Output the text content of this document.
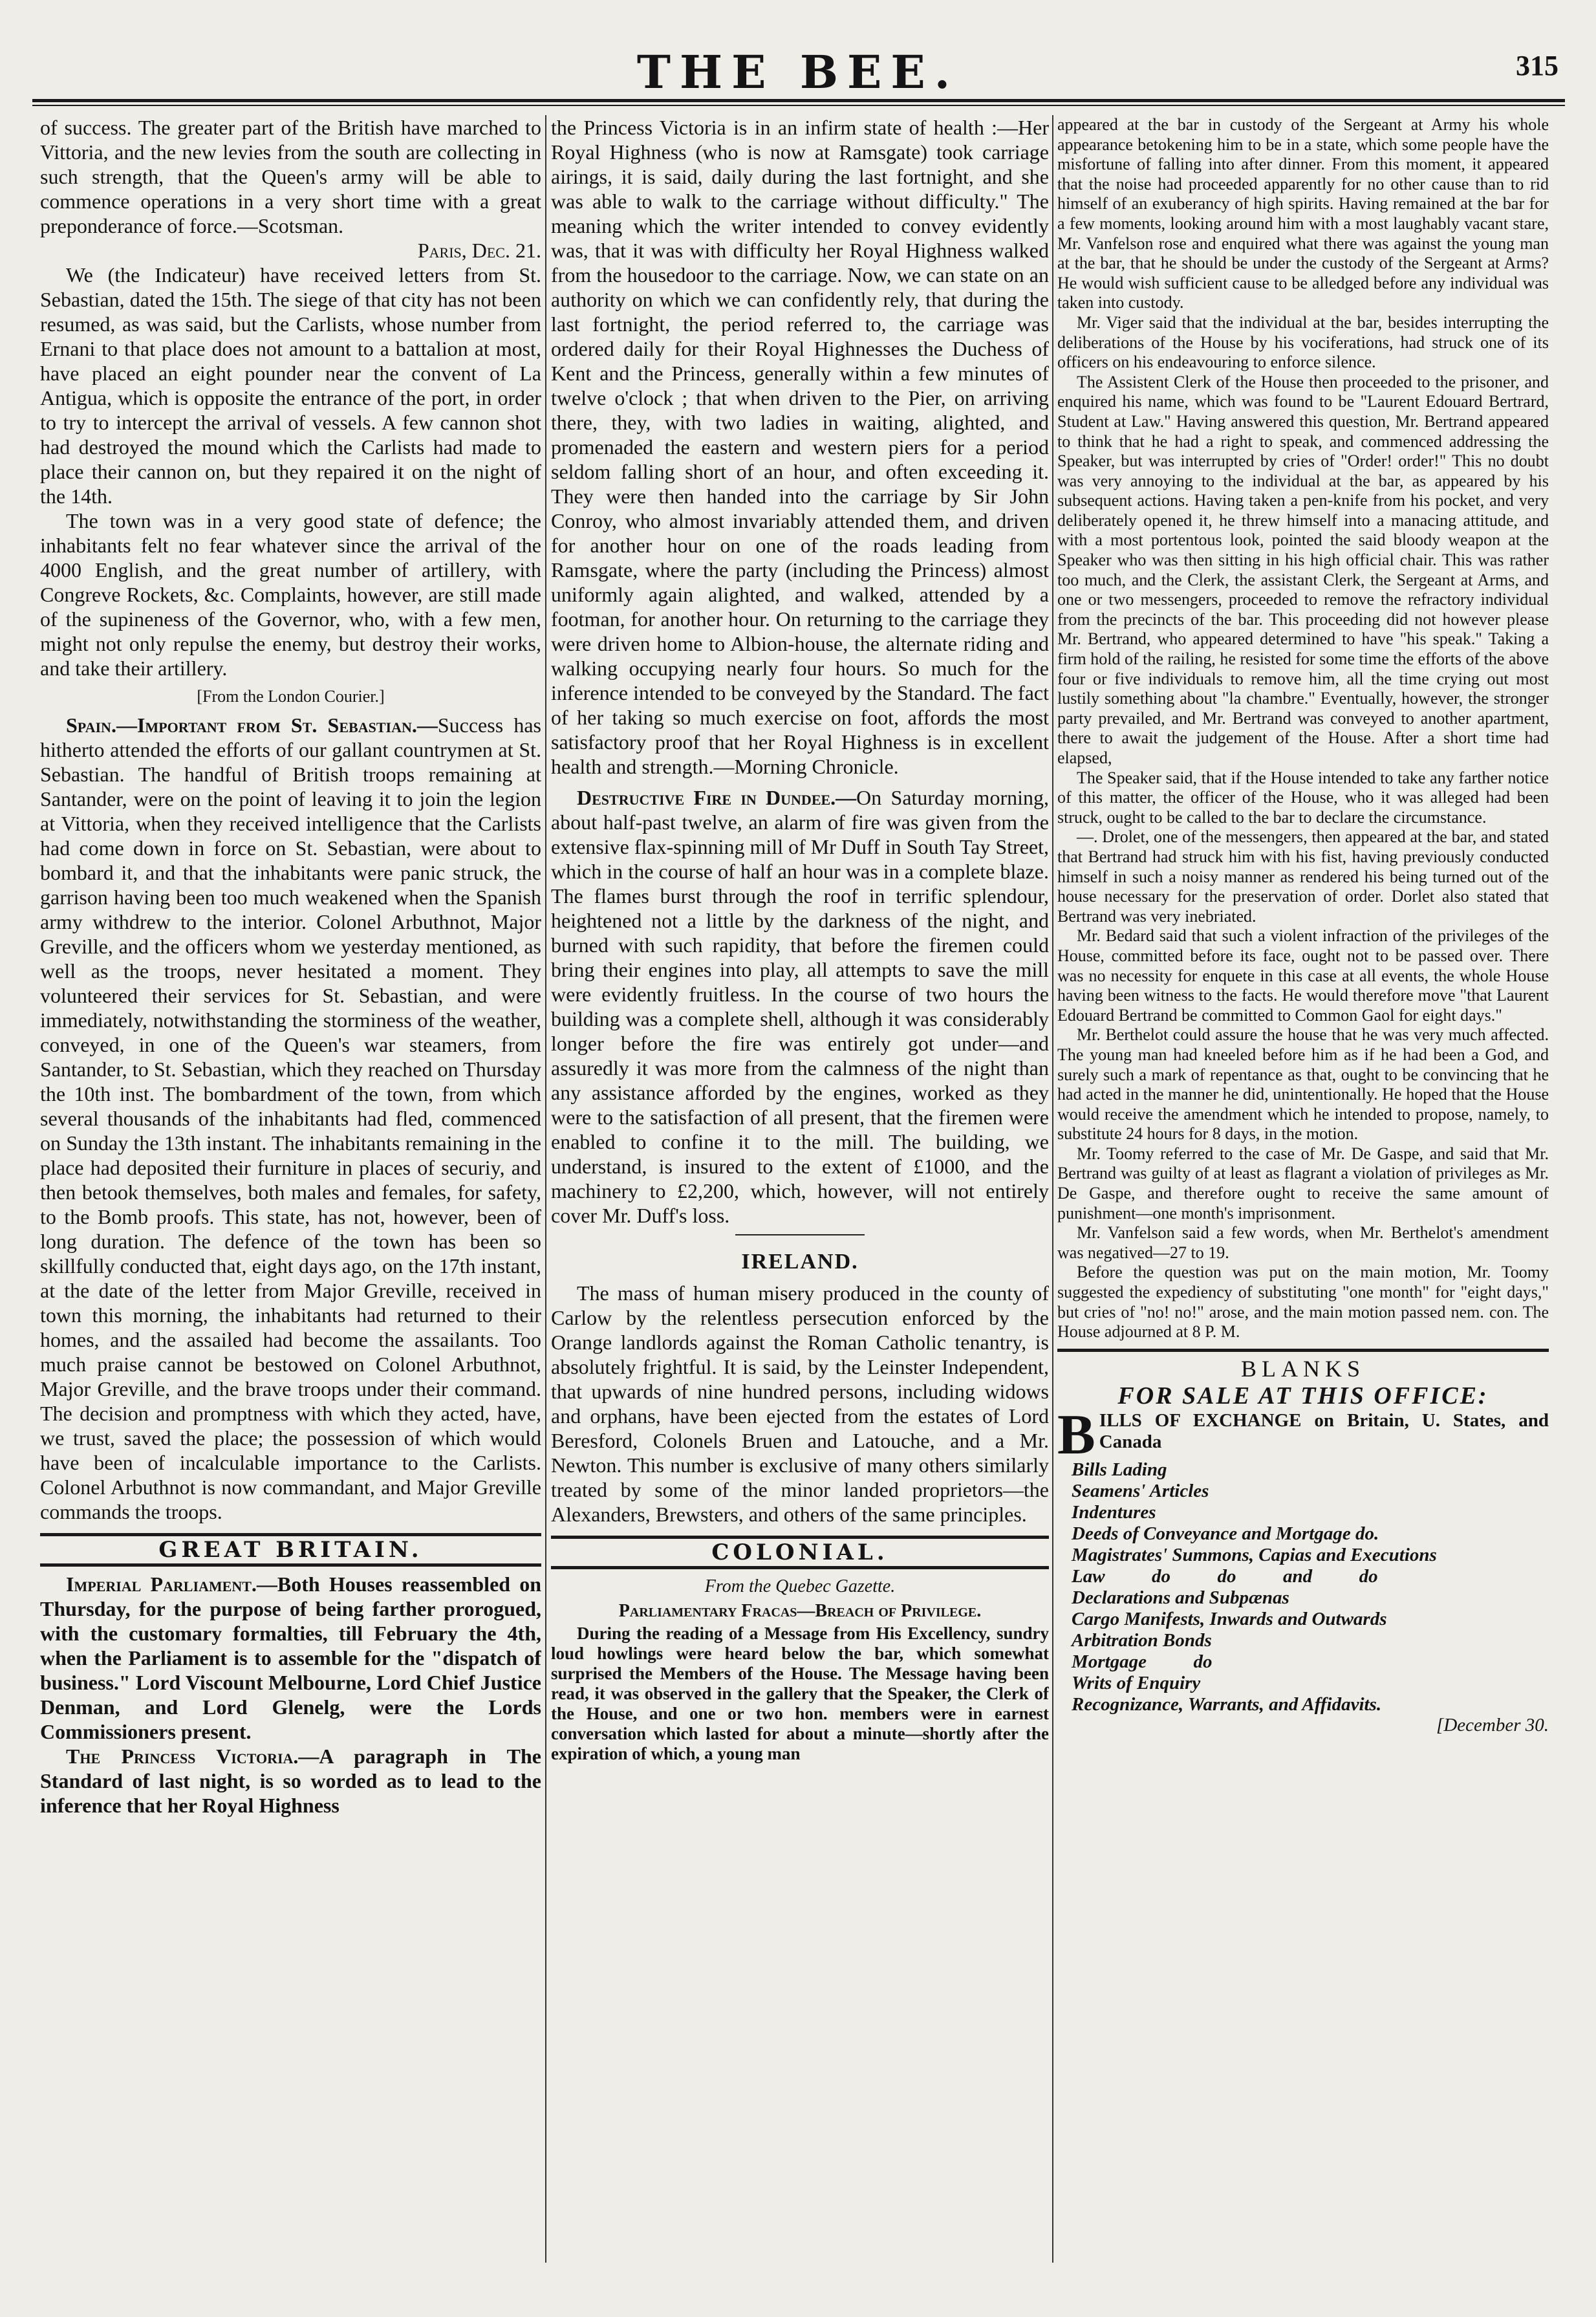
THE BEE.	315

of success. The greater part of the British have marched to Vittoria, and the new levies from the south are collecting in such strength, that the Queen's army will be able to commence operations in a very short time with a great preponderance of force.—Scotsman.

Paris, Dec. 21.

We (the Indicateur) have received letters from St. Sebastian, dated the 15th. The siege of that city has not been resumed, as was said, but the Carlists, whose number from Ernani to that place does not amount to a battalion at most, have placed an eight pounder near the convent of La Antigua, which is opposite the entrance of the port, in order to try to intercept the arrival of vessels. A few cannon shot had destroyed the mound which the Carlists had made to place their cannon on, but they repaired it on the night of the 14th.

The town was in a very good state of defence; the inhabitants felt no fear whatever since the arrival of the 4000 English, and the great number of artillery, with Congreve Rockets, &c. Complaints, however, are still made of the supineness of the Governor, who, with a few men, might not only repulse the enemy, but destroy their works, and take their artillery.

[From the London Courier.]

Spain.—Important from St. Sebastian.—Success has hitherto attended the efforts of our gallant countrymen at St. Sebastian. The handful of British troops remaining at Santander, were on the point of leaving it to join the legion at Vittoria, when they received intelligence that the Carlists had come down in force on St. Sebastian, were about to bombard it, and that the inhabitants were panic struck, the garrison having been too much weakened when the Spanish army withdrew to the interior. Colonel Arbuthnot, Major Greville, and the officers whom we yesterday mentioned, as well as the troops, never hesitated a moment. They volunteered their services for St. Sebastian, and were immediately, notwithstanding the storminess of the weather, conveyed, in one of the Queen's war steamers, from Santander, to St. Sebastian, which they reached on Thursday the 10th inst. The bombardment of the town, from which several thousands of the inhabitants had fled, commenced on Sunday the 13th instant. The inhabitants remaining in the place had deposited their furniture in places of securiy, and then betook themselves, both males and females, for safety, to the Bomb proofs. This state, has not, however, been of long duration. The defence of the town has been so skillfully conducted that, eight days ago, on the 17th instant, at the date of the letter from Major Greville, received in town this morning, the inhabitants had returned to their homes, and the assailed had become the assailants. Too much praise cannot be bestowed on Colonel Arbuthnot, Major Greville, and the brave troops under their command. The decision and promptness with which they acted, have, we trust, saved the place; the possession of which would have been of incalculable importance to the Carlists. Colonel Arbuthnot is now commandant, and Major Greville commands the troops.

GREAT BRITAIN.

Imperial Parliament.—Both Houses reassembled on Thursday, for the purpose of being farther prorogued, with the customary formalties, till February the 4th, when the Parliament is to assemble for the "dispatch of business." Lord Viscount Melbourne, Lord Chief Justice Denman, and Lord Glenelg, were the Lords Commissioners present.

The Princess Victoria.—A paragraph in The Standard of last night, is so worded as to lead to the inference that her Royal Highness

the Princess Victoria is in an infirm state of health :—Her Royal Highness (who is now at Ramsgate) took carriage airings, it is said, daily during the last fortnight, and she was able to walk to the carriage without difficulty." The meaning which the writer intended to convey evidently was, that it was with difficulty her Royal Highness walked from the housedoor to the carriage. Now, we can state on an authority on which we can confidently rely, that during the last fortnight, the period referred to, the carriage was ordered daily for their Royal Highnesses the Duchess of Kent and the Princess, generally within a few minutes of twelve o'clock ; that when driven to the Pier, on arriving there, they, with two ladies in waiting, alighted, and promenaded the eastern and western piers for a period seldom falling short of an hour, and often exceeding it. They were then handed into the carriage by Sir John Conroy, who almost invariably attended them, and driven for another hour on one of the roads leading from Ramsgate, where the party (including the Princess) almost uniformly again alighted, and walked, attended by a footman, for another hour. On returning to the carriage they were driven home to Albion-house, the alternate riding and walking occupying nearly four hours. So much for the inference intended to be conveyed by the Standard. The fact of her taking so much exercise on foot, affords the most satisfactory proof that her Royal Highness is in excellent health and strength.—Morning Chronicle.

Destructive Fire in Dundee.—On Saturday morning, about half-past twelve, an alarm of fire was given from the extensive flax-spinning mill of Mr Duff in South Tay Street, which in the course of half an hour was in a complete blaze. The flames burst through the roof in terrific splendour, heightened not a little by the darkness of the night, and burned with such rapidity, that before the firemen could bring their engines into play, all attempts to save the mill were evidently fruitless. In the course of two hours the building was a complete shell, although it was considerably longer before the fire was entirely got under—and assuredly it was more from the calmness of the night than any assistance afforded by the engines, worked as they were to the satisfaction of all present, that the firemen were enabled to confine it to the mill. The building, we understand, is insured to the extent of £1000, and the machinery to £2,200, which, however, will not entirely cover Mr. Duff's loss.

IRELAND.

The mass of human misery produced in the county of Carlow by the relentless persecution enforced by the Orange landlords against the Roman Catholic tenantry, is absolutely frightful. It is said, by the Leinster Independent, that upwards of nine hundred persons, including widows and orphans, have been ejected from the estates of Lord Beresford, Colonels Bruen and Latouche, and a Mr. Newton. This number is exclusive of many others similarly treated by some of the minor landed proprietors—the Alexanders, Brewsters, and others of the same principles.

COLONIAL.

From the Quebec Gazette.

Parliamentary Fracas—Breach of Privilege.

During the reading of a Message from His Excellency, sundry loud howlings were heard below the bar, which somewhat surprised the Members of the House. The Message having been read, it was observed in the gallery that the Speaker, the Clerk of the House, and one or two hon. members were in earnest conversation which lasted for about a minute—shortly after the expiration of which, a young man

appeared at the bar in custody of the Sergeant at Army his whole appearance betokening him to be in a state, which some people have the misfortune of falling into after dinner. From this moment, it appeared that the noise had proceeded apparently for no other cause than to rid himself of an exuberancy of high spirits. Having remained at the bar for a few moments, looking around him with a most laughably vacant stare, Mr. Vanfelson rose and enquired what there was against the young man at the bar, that he should be under the custody of the Sergeant at Arms? He would wish sufficient cause to be alledged before any individual was taken into custody.

Mr. Viger said that the individual at the bar, besides interrupting the deliberations of the House by his vociferations, had struck one of its officers on his endeavouring to enforce silence.

The Assistent Clerk of the House then proceeded to the prisoner, and enquired his name, which was found to be "Laurent Edouard Bertrard, Student at Law." Having answered this question, Mr. Bertrand appeared to think that he had a right to speak, and commenced addressing the Speaker, but was interrupted by cries of "Order! order!" This no doubt was very annoying to the individual at the bar, as appeared by his subsequent actions. Having taken a pen-knife from his pocket, and very deliberately opened it, he threw himself into a manacing attitude, and with a most portentous look, pointed the said bloody weapon at the Speaker who was then sitting in his high official chair. This was rather too much, and the Clerk, the assistant Clerk, the Sergeant at Arms, and one or two messengers, proceeded to remove the refractory individual from the precincts of the bar. This proceeding did not however please Mr. Bertrand, who appeared determined to have "his speak." Taking a firm hold of the railing, he resisted for some time the efforts of the above four or five individuals to remove him, all the time crying out most lustily something about "la chambre." Eventually, however, the stronger party prevailed, and Mr. Bertrand was conveyed to another apartment, there to await the judgement of the House. After a short time had elapsed,

The Speaker said, that if the House intended to take any farther notice of this matter, the officer of the House, who it was alleged had been struck, ought to be called to the bar to declare the circumstance.

—. Drolet, one of the messengers, then appeared at the bar, and stated that Bertrand had struck him with his fist, having previously conducted himself in such a noisy manner as rendered his being turned out of the house necessary for the preservation of order. Dorlet also stated that Bertrand was very inebriated.

Mr. Bedard said that such a violent infraction of the privileges of the House, committed before its face, ought not to be passed over. There was no necessity for enquete in this case at all events, the whole House having been witness to the facts. He would therefore move "that Laurent Edouard Bertrand be committed to Common Gaol for eight days."

Mr. Berthelot could assure the house that he was very much affected. The young man had kneeled before him as if he had been a God, and surely such a mark of repentance as that, ought to be convincing that he had acted in the manner he did, unintentionally. He hoped that the House would receive the amendment which he intended to propose, namely, to substitute 24 hours for 8 days, in the motion.

Mr. Toomy referred to the case of Mr. De Gaspe, and said that Mr. Bertrand was guilty of at least as flagrant a violation of privileges as Mr. De Gaspe, and therefore ought to receive the same amount of punishment—one month's imprisonment.

Mr. Vanfelson said a few words, when Mr. Berthelot's amendment was negatived—27 to 19.

Before the question was put on the main motion, Mr. Toomy suggested the expediency of substituting "one month" for "eight days," but cries of "no! no!" arose, and the main motion passed nem. con. The House adjourned at 8 P. M.

BLANKS
FOR SALE AT THIS OFFICE:
BILLS OF EXCHANGE on Britain, U. States, and Canada
Bills Lading
Seamens' Articles
Indentures
Deeds of Conveyance and Mortgage do.
Magistrates' Summons, Capias and Executions
Law          do          do          and          do
Declarations and Subpænas
Cargo Manifests, Inwards and Outwards
Arbitration Bonds
Mortgage          do
Writs of Enquiry
Recognizance, Warrants, and Affidavits.
[December 30.
